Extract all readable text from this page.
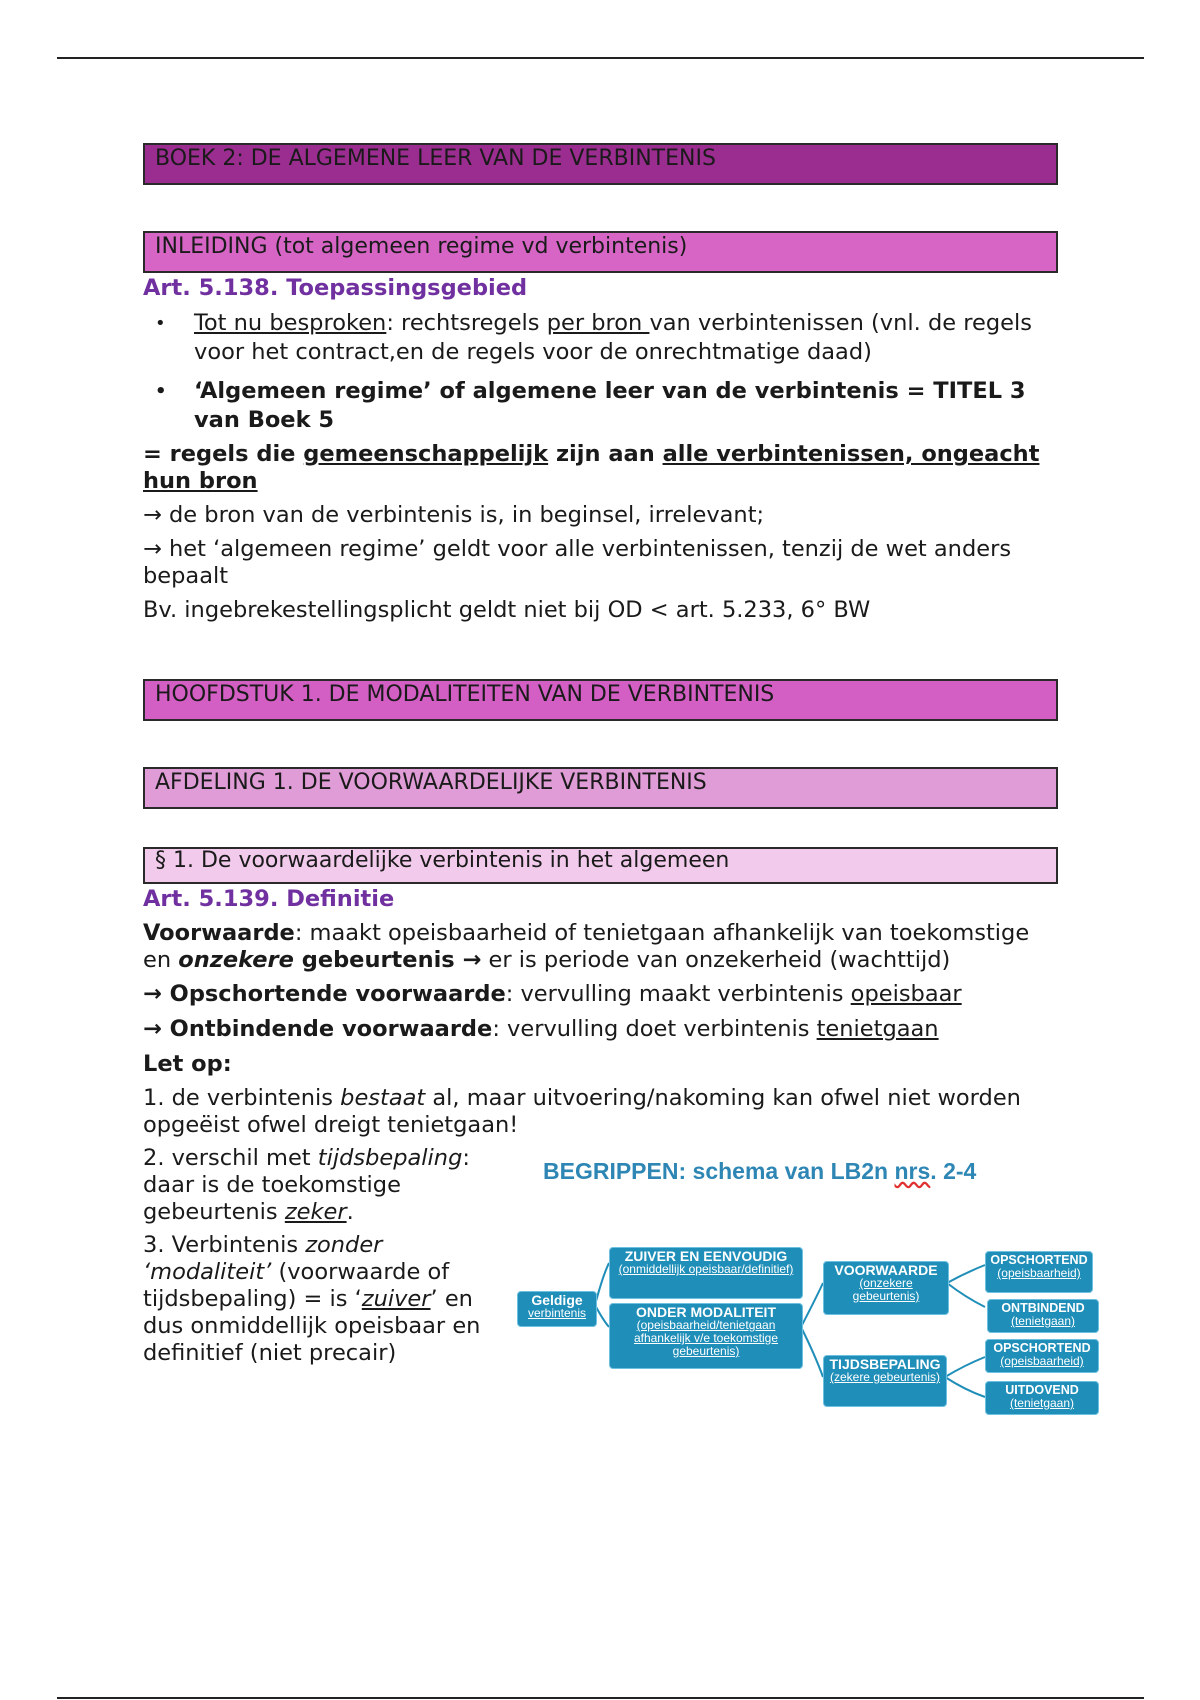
BOEK 2: DE ALGEMENE LEER VAN DE VERBINTENIS
INLEIDING (tot algemeen regime vd verbintenis)
Art. 5.138. Toepassingsgebied
• Tot nu besproken: rechtsregels per bron van verbintenissen (vnl. de regels voor het contract,en de regels voor de onrechtmatige daad)
• ‘Algemeen regime’ of algemene leer van de verbintenis = TITEL 3 van Boek 5
= regels die gemeenschappelijk zijn aan alle verbintenissen, ongeacht hun bron
→ de bron van de verbintenis is, in beginsel, irrelevant;
→ het ‘algemeen regime’ geldt voor alle verbintenissen, tenzij de wet anders bepaalt
Bv. ingebrekestellingsplicht geldt niet bij OD < art. 5.233, 6° BW
HOOFDSTUK 1. DE MODALITEITEN VAN DE VERBINTENIS
AFDELING 1. DE VOORWAARDELIJKE VERBINTENIS
§ 1. De voorwaardelijke verbintenis in het algemeen
Art. 5.139. Definitie
Voorwaarde: maakt opeisbaarheid of tenietgaan afhankelijk van toekomstige en onzekere gebeurtenis → er is periode van onzekerheid (wachttijd)
→ Opschortende voorwaarde: vervulling maakt verbintenis opeisbaar
→ Ontbindende voorwaarde: vervulling doet verbintenis tenietgaan
Let op:
1. de verbintenis bestaat al, maar uitvoering/nakoming kan ofwel niet worden opgeëist ofwel dreigt tenietgaan!
2. verschil met tijdsbepaling: daar is de toekomstige gebeurtenis zeker.
3. Verbintenis zonder ‘modaliteit’ (voorwaarde of tijdsbepaling) = is ‘zuiver’ en dus onmiddellijk opeisbaar en definitief (niet precair)
BEGRIPPEN: schema van LB2n nrs. 2-4
Geldige
verbintenis
ZUIVER EN EENVOUDIG
(onmiddellijk opeisbaar/definitief)
ONDER MODALITEIT
(opeisbaarheid/tenietgaan afhankelijk v/e toekomstige gebeurtenis)
VOORWAARDE
(onzekere gebeurtenis)
TIJDSBEPALING
(zekere gebeurtenis)
OPSCHORTEND
(opeisbaarheid)
ONTBINDEND
(tenietgaan)
OPSCHORTEND
(opeisbaarheid)
UITDOVEND
(tenietgaan)
